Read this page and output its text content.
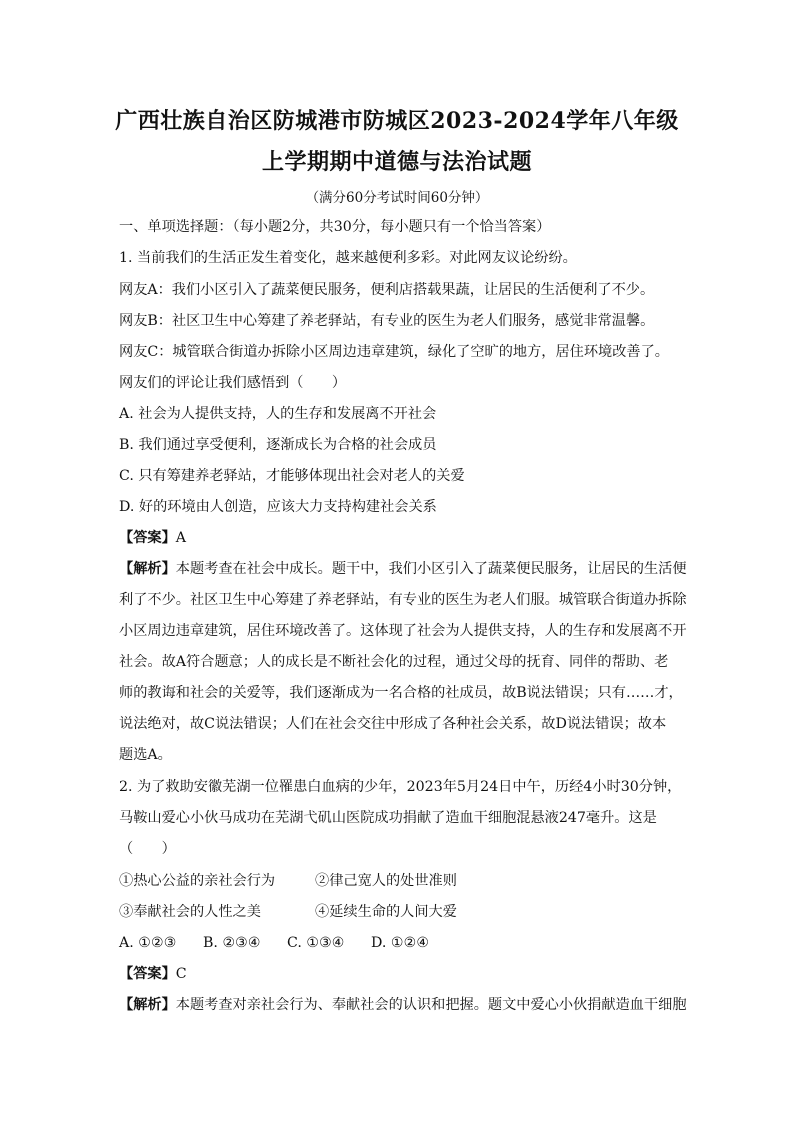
广西壮族自治区防城港市防城区2023-2024学年八年级
上学期期中道德与法治试题
（满分60分考试时间60分钟）
一、单项选择题：（每小题2分，共30分，每小题只有一个恰当答案）
1. 当前我们的生活正发生着变化，越来越便利多彩。对此网友议论纷纷。
网友A：我们小区引入了蔬菜便民服务，便利店搭载果蔬，让居民的生活便利了不少。
网友B：社区卫生中心筹建了养老驿站，有专业的医生为老人们服务，感觉非常温馨。
网友C：城管联合街道办拆除小区周边违章建筑，绿化了空旷的地方，居住环境改善了。
网友们的评论让我们感悟到（　　）
A. 社会为人提供支持，人的生存和发展离不开社会
B. 我们通过享受便利，逐渐成长为合格的社会成员
C. 只有筹建养老驿站，才能够体现出社会对老人的关爱
D. 好的环境由人创造，应该大力支持构建社会关系
【答案】A
【解析】本题考查在社会中成长。题干中，我们小区引入了蔬菜便民服务，让居民的生活便
利了不少。社区卫生中心筹建了养老驿站，有专业的医生为老人们服。城管联合街道办拆除
小区周边违章建筑，居住环境改善了。这体现了社会为人提供支持，人的生存和发展离不开
社会。故A符合题意；人的成长是不断社会化的过程，通过父母的抚育、同伴的帮助、老
师的教诲和社会的关爱等，我们逐渐成为一名合格的社成员，故B说法错误；只有……才，
说法绝对，故C说法错误；人们在社会交往中形成了各种社会关系，故D说法错误；故本
题选A。
2. 为了救助安徽芜湖一位罹患白血病的少年，2023年5月24日中午，历经4小时30分钟，
马鞍山爱心小伙马成功在芜湖弋矶山医院成功捐献了造血干细胞混悬液247毫升。这是
（　　）
①热心公益的亲社会行为	②律己宽人的处世准则
③奉献社会的人性之美	④延续生命的人间大爱
A. ①②③ B. ②③④ C. ①③④ D. ①②④
【答案】C
【解析】本题考查对亲社会行为、奉献社会的认识和把握。题文中爱心小伙捐献造血干细胞
